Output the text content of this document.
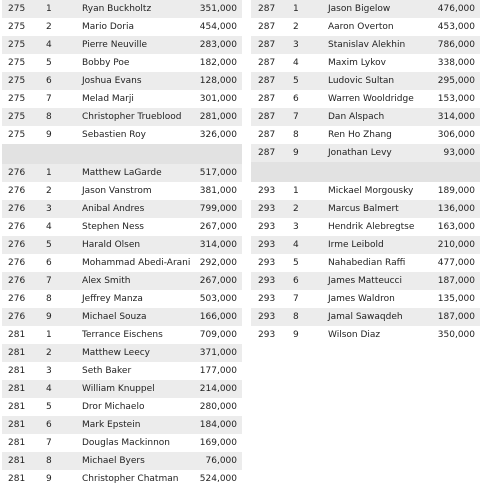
275 1	Ryan Buckholtz	351,000
275 2	Mario Doria	454,000
275 4	Pierre Neuville	283,000
275 5	Bobby Poe	182,000
275 6	Joshua Evans	128,000
275 7	Melad Marji	301,000
275 8	Christopher Trueblood 281,000
275 9	Sebastien Roy	326,000
276 1	Matthew LaGarde	517,000
276 2	Jason Vanstrom	381,000
276 3	Anibal Andres	799,000
276 4	Stephen Ness	267,000
276 5	Harald Olsen	314,000
276 6	Mohammad Abedi-Arani 292,000
276 7	Alex Smith	267,000
276 8	Jeffrey Manza	503,000
276 9	Michael Souza	166,000
281 1	Terrance Eischens	709,000
281 2	Matthew Leecy	371,000
281 3	Seth Baker	177,000
281 4	William Knuppel	214,000
281 5	Dror Michaelo	280,000
281 6	Mark Epstein	184,000
281 7	Douglas Mackinnon	169,000
281 8	Michael Byers	76,000
281 9	Christopher Chatman 524,000
287 1	Jason Bigelow	476,000
287 2	Aaron Overton	453,000
287 3	Stanislav Alekhin	786,000
287 4	Maxim Lykov	338,000
287 5	Ludovic Sultan	295,000
287 6	Warren Wooldridge	153,000
287 7	Dan Alspach	314,000
287 8	Ren Ho Zhang	306,000
287 9	Jonathan Levy	93,000
293 1	Mickael Morgousky	189,000
293 2	Marcus Balmert	136,000
293 3	Hendrik Alebregtse	163,000
293 4	Irme Leibold	210,000
293 5	Nahabedian Raffi	477,000
293 6	James Matteucci	187,000
293 7	James Waldron	135,000
293 8	Jamal Sawaqdeh	187,000
293 9	Wilson Diaz	350,000
